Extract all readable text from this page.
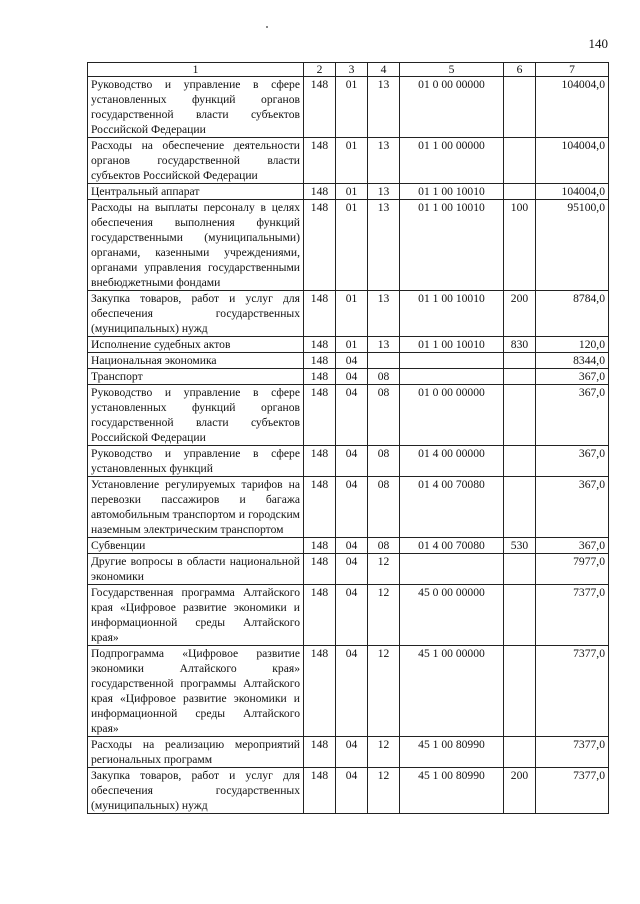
140
1	2	3	4	5	6	7
Руководство и управление в сфере установленных функций органов государственной власти субъектов Российской Федерации	148	01	13	01 0 00 00000		104004,0
Расходы на обеспечение деятельности органов государственной власти субъектов Российской Федерации	148	01	13	01 1 00 00000		104004,0
Центральный аппарат	148	01	13	01 1 00 10010		104004,0
Расходы на выплаты персоналу в целях обеспечения выполнения функций государственными (муниципальными) органами, казенными учреждениями, органами управления государственными внебюджетными фондами	148	01	13	01 1 00 10010	100	95100,0
Закупка товаров, работ и услуг для обеспечения государственных (муниципальных) нужд	148	01	13	01 1 00 10010	200	8784,0
Исполнение судебных актов	148	01	13	01 1 00 10010	830	120,0
Национальная экономика	148	04				8344,0
Транспорт	148	04	08			367,0
Руководство и управление в сфере установленных функций органов государственной власти субъектов Российской Федерации	148	04	08	01 0 00 00000		367,0
Руководство и управление в сфере установленных функций	148	04	08	01 4 00 00000		367,0
Установление регулируемых тарифов на перевозки пассажиров и багажа автомобильным транспортом и городским наземным электрическим транспортом	148	04	08	01 4 00 70080		367,0
Субвенции	148	04	08	01 4 00 70080	530	367,0
Другие вопросы в области национальной экономики	148	04	12			7977,0
Государственная программа Алтайского края «Цифровое развитие экономики и информационной среды Алтайского края»	148	04	12	45 0 00 00000		7377,0
Подпрограмма «Цифровое развитие экономики Алтайского края» государственной программы Алтайского края «Цифровое развитие экономики и информационной среды Алтайского края»	148	04	12	45 1 00 00000		7377,0
Расходы на реализацию мероприятий региональных программ	148	04	12	45 1 00 80990		7377,0
Закупка товаров, работ и услуг для обеспечения государственных (муниципальных) нужд	148	04	12	45 1 00 80990	200	7377,0
